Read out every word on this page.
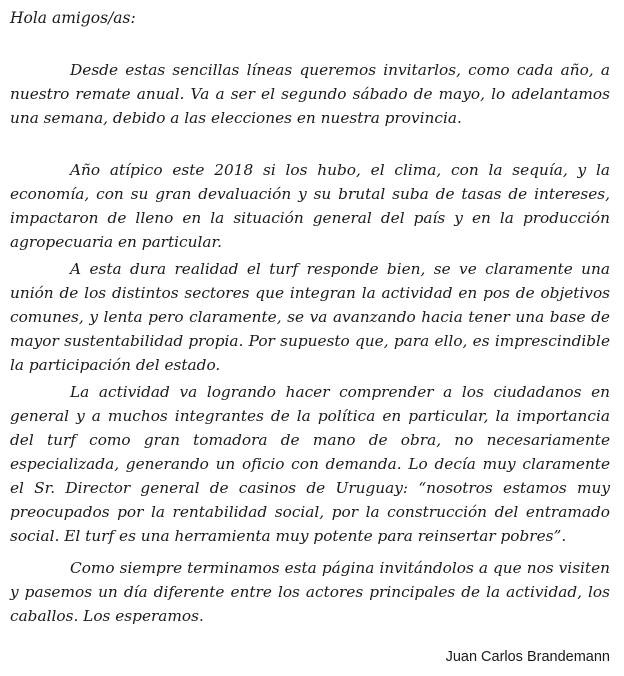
Hola amigos/as:

Desde estas sencillas líneas queremos invitarlos, como cada año, a nuestro remate anual. Va a ser el segundo sábado de mayo, lo adelantamos una semana, debido a las elecciones en nuestra provincia.

Año atípico este 2018 si los hubo, el clima, con la sequía, y la economía, con su gran devaluación y su brutal suba de tasas de intereses, impactaron de lleno en la situación general del país y en la producción agropecuaria en particular.

A esta dura realidad el turf responde bien, se ve claramente una unión de los distintos sectores que integran la actividad en pos de objetivos comunes, y lenta pero claramente, se va avanzando hacia tener una base de mayor sustentabilidad propia. Por supuesto que, para ello, es imprescindible la participación del estado.

La actividad va logrando hacer comprender a los ciudadanos en general y a muchos integrantes de la política en particular, la importancia del turf como gran tomadora de mano de obra, no necesariamente especializada, generando un oficio con demanda. Lo decía muy claramente el Sr. Director general de casinos de Uruguay: “nosotros estamos muy preocupados por la rentabilidad social, por la construcción del entramado social. El turf es una herramienta muy potente para reinsertar pobres”.

Como siempre terminamos esta página invitándolos a que nos visiten y pasemos un día diferente entre los actores principales de la actividad, los caballos. Los esperamos.

Juan Carlos Brandemann
